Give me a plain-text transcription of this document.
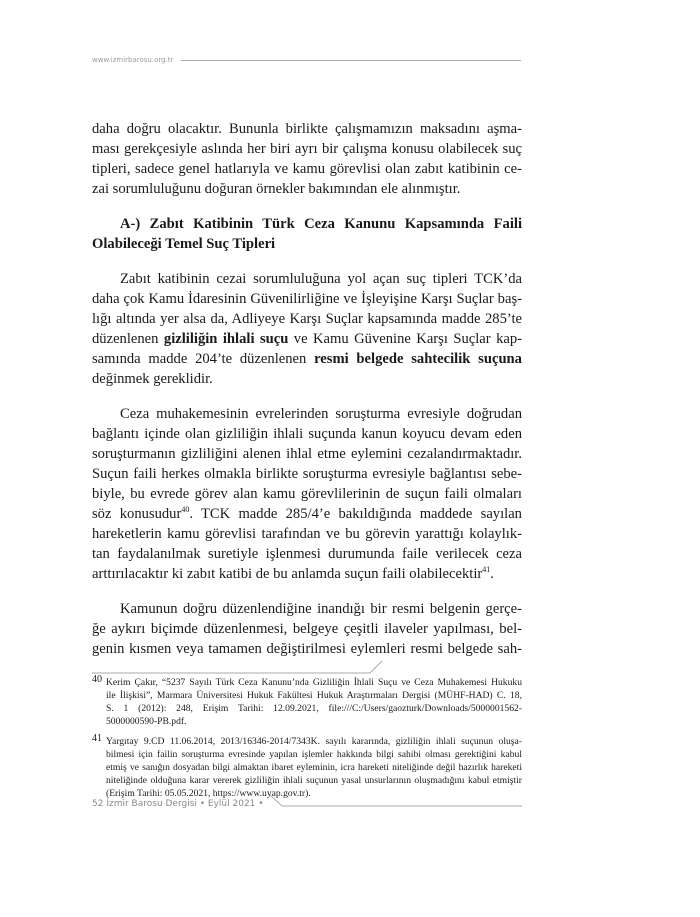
www.izmirbarosu.org.tr
daha doğru olacaktır. Bununla birlikte çalışmamızın maksadını aşma-
ması gerekçesiyle aslında her biri ayrı bir çalışma konusu olabilecek suç
tipleri, sadece genel hatlarıyla ve kamu görevlisi olan zabıt katibinin ce-
zai sorumluluğunu doğuran örnekler bakımından ele alınmıştır.
A-) Zabıt Katibinin Türk Ceza Kanunu Kapsamında Faili
Olabileceği Temel Suç Tipleri
Zabıt katibinin cezai sorumluluğuna yol açan suç tipleri TCK’da
daha çok Kamu İdaresinin Güvenilirliğine ve İşleyişine Karşı Suçlar baş-
lığı altında yer alsa da, Adliyeye Karşı Suçlar kapsamında madde 285’te
düzenlenen gizliliğin ihlali suçu ve Kamu Güvenine Karşı Suçlar kap-
samında madde 204’te düzenlenen resmi belgede sahtecilik suçuna
değinmek gereklidir.
Ceza muhakemesinin evrelerinden soruşturma evresiyle doğrudan
bağlantı içinde olan gizliliğin ihlali suçunda kanun koyucu devam eden
soruşturmanın gizliliğini alenen ihlal etme eylemini cezalandırmaktadır.
Suçun faili herkes olmakla birlikte soruşturma evresiyle bağlantısı sebe-
biyle, bu evrede görev alan kamu görevlilerinin de suçun faili olmaları
söz konusudur$^{40}$. TCK madde 285/4’e bakıldığında maddede sayılan
hareketlerin kamu görevlisi tarafından ve bu görevin yarattığı kolaylık-
tan faydalanılmak suretiyle işlenmesi durumunda faile verilecek ceza
arttırılacaktır ki zabıt katibi de bu anlamda suçun faili olabilecektir$^{41}$.
Kamunun doğru düzenlendiğine inandığı bir resmi belgenin gerçe-
ğe aykırı biçimde düzenlenmesi, belgeye çeşitli ilaveler yapılması, bel-
genin kısmen veya tamamen değiştirilmesi eylemleri resmi belgede sah-
40 Kerim Çakır, “5237 Sayılı Türk Ceza Kanunu’nda Gizliliğin İhlali Suçu ve Ceza Muhakemesi Hukuku
ile İlişkisi”, Marmara Üniversitesi Hukuk Fakültesi Hukuk Araştırmaları Dergisi (MÜHF-HAD) C. 18,
S. 1 (2012): 248, Erişim Tarihi: 12.09.2021, file:///C:/Users/gaozturk/Downloads/5000001562-
5000000590-PB.pdf.
41 Yargıtay 9.CD 11.06.2014, 2013/16346-2014/7343K. sayılı kararında, gizliliğin ihlali suçunun oluşa-
bilmesi için failin soruşturma evresinde yapılan işlemler hakkında bilgi sahibi olması gerektiğini kabul
etmiş ve sanığın dosyadan bilgi almaktan ibaret eyleminin, icra hareketi niteliğinde değil hazırlık hareketi
niteliğinde olduğuna karar vererek gizliliğin ihlali suçunun yasal unsurlarının oluşmadığını kabul etmiştir
(Erişim Tarihi: 05.05.2021, https://www.uyap.gov.tr).
52 İzmir Barosu Dergisi • Eylül 2021 •
